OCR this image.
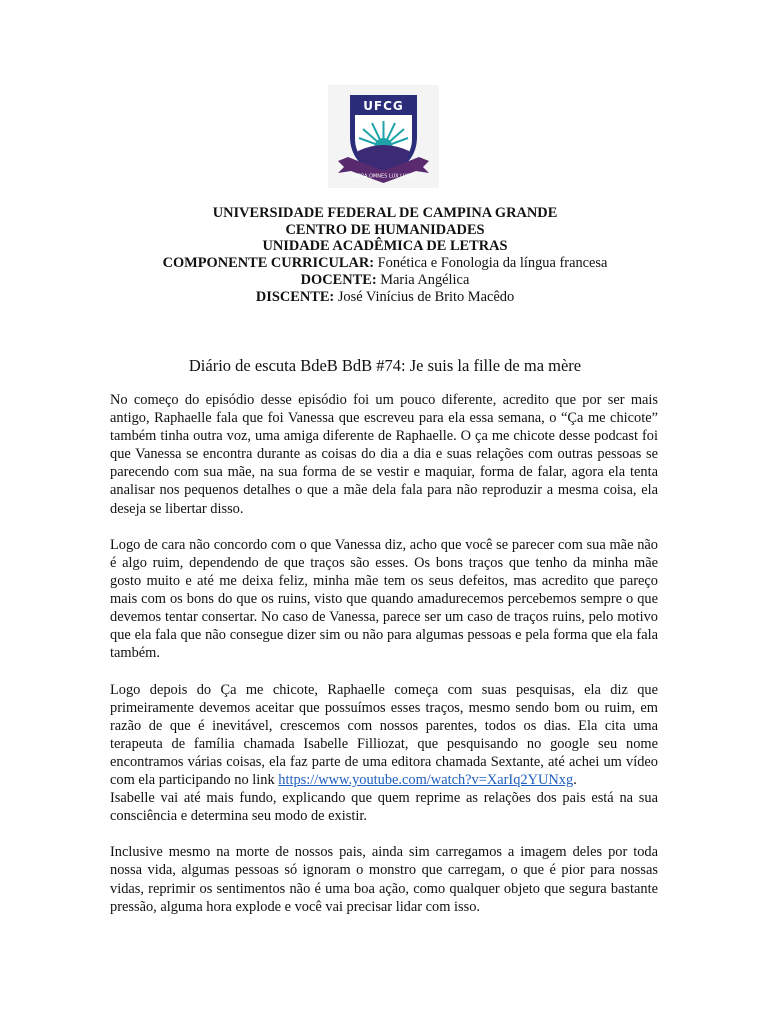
SUPRA OMNES LUX LUCES
UFCG
UNIVERSIDADE FEDERAL DE CAMPINA GRANDE
CENTRO DE HUMANIDADES
UNIDADE ACADÊMICA DE LETRAS
COMPONENTE CURRICULAR: Fonética e Fonologia da língua francesa
DOCENTE: Maria Angélica
DISCENTE: José Vinícius de Brito Macêdo
Diário de escuta BdeB BdB #74: Je suis la fille de ma mère

No começo do episódio desse episódio foi um pouco diferente, acredito que por ser mais antigo, Raphaelle fala que foi Vanessa que escreveu para ela essa semana, o “Ça me chicote” também tinha outra voz, uma amiga diferente de Raphaelle. O ça me chicote desse podcast foi que Vanessa se encontra durante as coisas do dia a dia e suas relações com outras pessoas se parecendo com sua mãe, na sua forma de se vestir e maquiar, forma de falar, agora ela tenta analisar nos pequenos detalhes o que a mãe dela fala para não reproduzir a mesma coisa, ela deseja se libertar disso.

Logo de cara não concordo com o que Vanessa diz, acho que você se parecer com sua mãe não é algo ruim, dependendo de que traços são esses. Os bons traços que tenho da minha mãe gosto muito e até me deixa feliz, minha mãe tem os seus defeitos, mas acredito que pareço mais com os bons do que os ruins, visto que quando amadurecemos percebemos sempre o que devemos tentar consertar. No caso de Vanessa, parece ser um caso de traços ruins, pelo motivo que ela fala que não consegue dizer sim ou não para algumas pessoas e pela forma que ela fala também.

Logo depois do Ça me chicote, Raphaelle começa com suas pesquisas, ela diz que primeiramente devemos aceitar que possuímos esses traços, mesmo sendo bom ou ruim, em razão de que é inevitável, crescemos com nossos parentes, todos os dias. Ela cita uma terapeuta de família chamada Isabelle Filliozat, que pesquisando no google seu nome encontramos várias coisas, ela faz parte de uma editora chamada Sextante, até achei um vídeo com ela participando no link https://www.youtube.com/watch?v=XarIq2YUNxg.

Isabelle vai até mais fundo, explicando que quem reprime as relações dos pais está na sua consciência e determina seu modo de existir.

Inclusive mesmo na morte de nossos pais, ainda sim carregamos a imagem deles por toda nossa vida, algumas pessoas só ignoram o monstro que carregam, o que é pior para nossas vidas, reprimir os sentimentos não é uma boa ação, como qualquer objeto que segura bastante pressão, alguma hora explode e você vai precisar lidar com isso.
